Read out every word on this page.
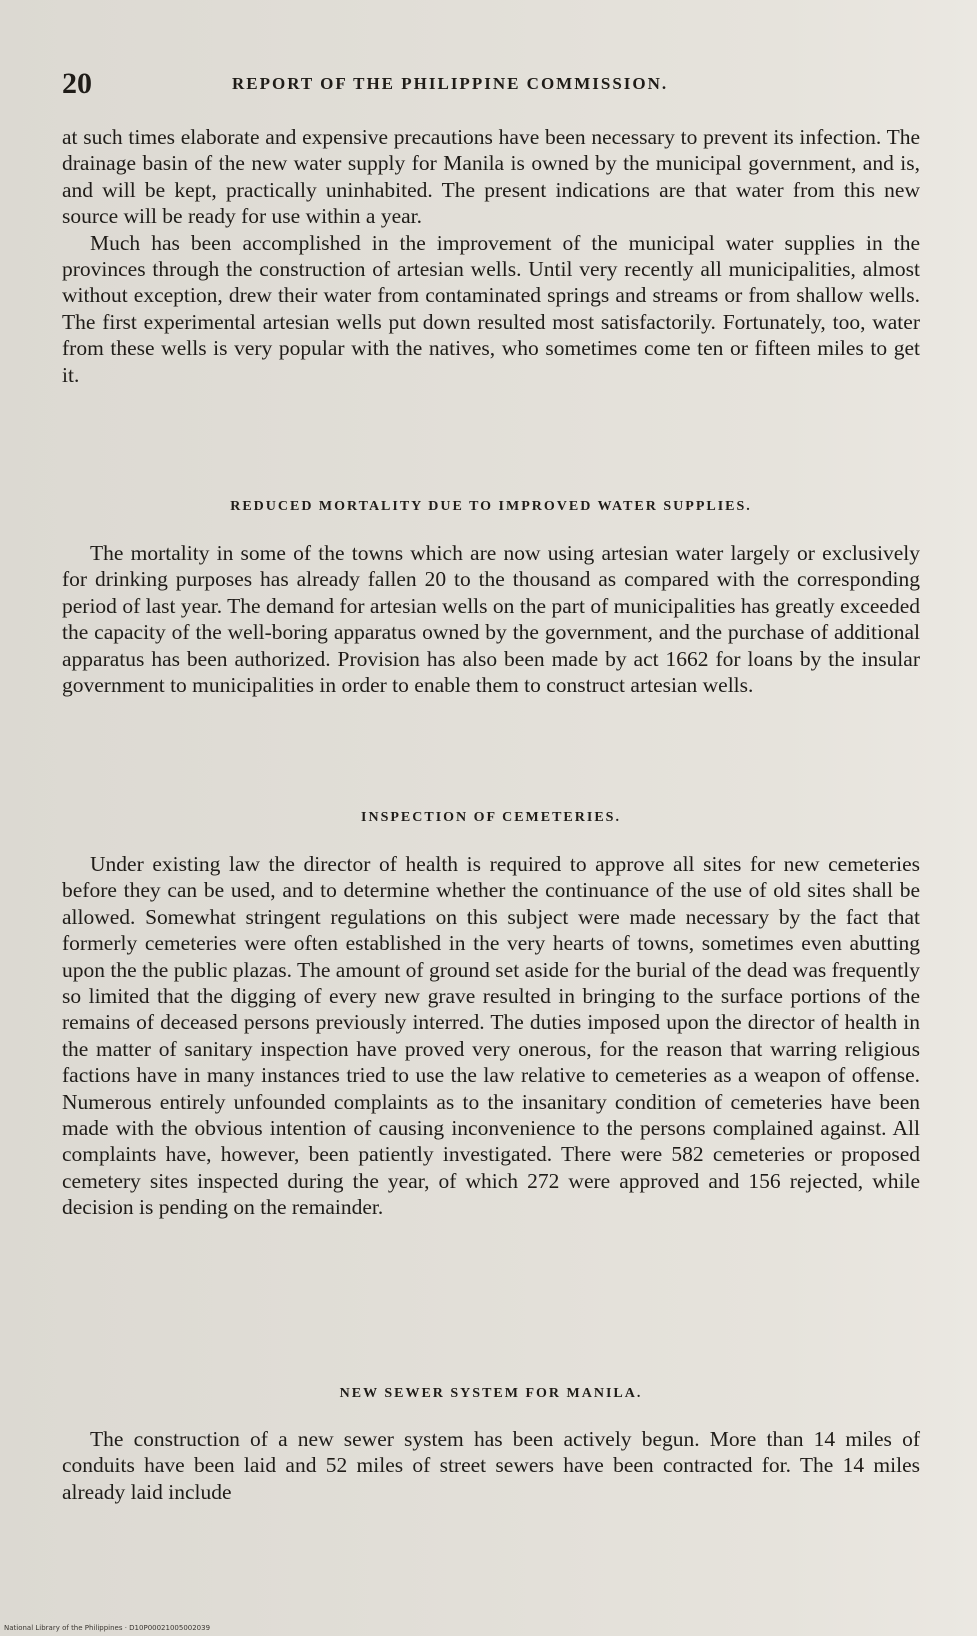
20	REPORT OF THE PHILIPPINE COMMISSION.

at such times elaborate and expensive precautions have been necessary to prevent its infection. The drainage basin of the new water supply for Manila is owned by the municipal government, and is, and will be kept, practically uninhabited. The present indications are that water from this new source will be ready for use within a year.

Much has been accomplished in the improvement of the municipal water supplies in the provinces through the construction of artesian wells. Until very recently all municipalities, almost without exception, drew their water from contaminated springs and streams or from shallow wells. The first experimental artesian wells put down resulted most satisfactorily. Fortunately, too, water from these wells is very popular with the natives, who sometimes come ten or fifteen miles to get it.

REDUCED MORTALITY DUE TO IMPROVED WATER SUPPLIES.

The mortality in some of the towns which are now using artesian water largely or exclusively for drinking purposes has already fallen 20 to the thousand as compared with the corresponding period of last year. The demand for artesian wells on the part of municipalities has greatly exceeded the capacity of the well-boring apparatus owned by the government, and the purchase of additional apparatus has been authorized. Provision has also been made by act 1662 for loans by the insular government to municipalities in order to enable them to construct artesian wells.

INSPECTION OF CEMETERIES.

Under existing law the director of health is required to approve all sites for new cemeteries before they can be used, and to determine whether the continuance of the use of old sites shall be allowed. Somewhat stringent regulations on this subject were made necessary by the fact that formerly cemeteries were often established in the very hearts of towns, sometimes even abutting upon the the public plazas. The amount of ground set aside for the burial of the dead was frequently so limited that the digging of every new grave resulted in bringing to the surface portions of the remains of deceased persons previously interred. The duties imposed upon the director of health in the matter of sanitary inspection have proved very onerous, for the reason that warring religious factions have in many instances tried to use the law relative to cemeteries as a weapon of offense. Numerous entirely unfounded complaints as to the insanitary condition of cemeteries have been made with the obvious intention of causing inconvenience to the persons complained against. All complaints have, however, been patiently investigated. There were 582 cemeteries or proposed cemetery sites inspected during the year, of which 272 were approved and 156 rejected, while decision is pending on the remainder.

NEW SEWER SYSTEM FOR MANILA.

The construction of a new sewer system has been actively begun. More than 14 miles of conduits have been laid and 52 miles of street sewers have been contracted for. The 14 miles already laid include

National Library of the Philippines · D10P00021005002039
